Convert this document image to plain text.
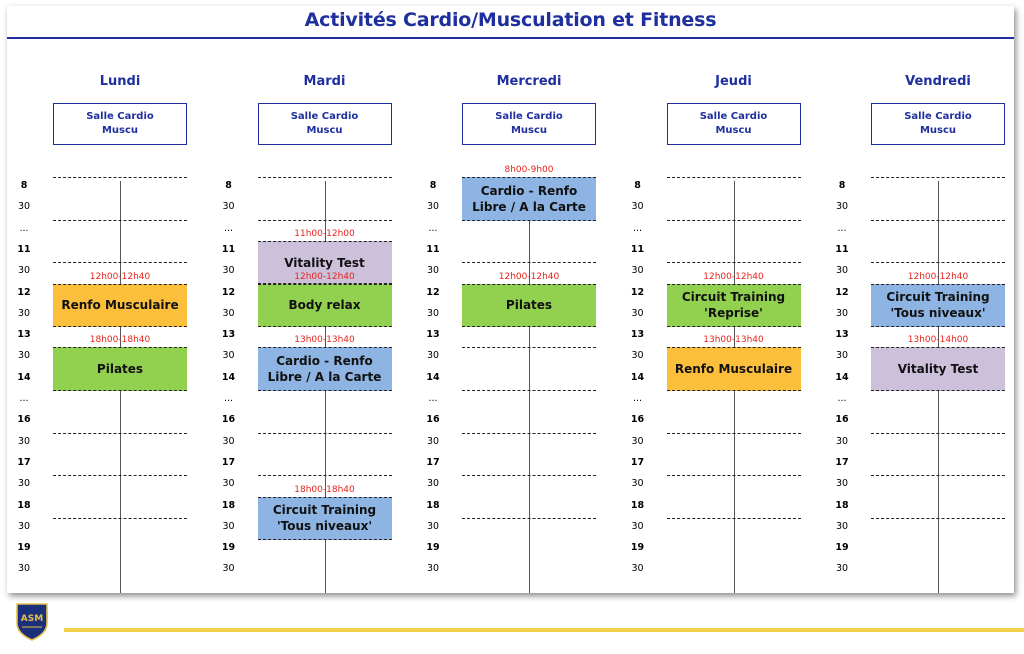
Activités Cardio/Musculation et Fitness
Lundi
Salle Cardio
Muscu
8
30
...
11
30
12
30
13
30
14
...
16
30
17
30
18
30
19
30
Mardi
Salle Cardio
Muscu
8
30
...
11
30
12
30
13
30
14
...
16
30
17
30
18
30
19
30
Mercredi
Salle Cardio
Muscu
8
30
...
11
30
12
30
13
30
14
...
16
30
17
30
18
30
19
30
Jeudi
Salle Cardio
Muscu
8
30
...
11
30
12
30
13
30
14
...
16
30
17
30
18
30
19
30
Vendredi
Salle Cardio
Muscu
8
30
...
11
30
12
30
13
30
14
...
16
30
17
30
18
30
19
30
12h00-12h40
Renfo Musculaire
18h00-18h40
Pilates
11h00-12h00
Vitality Test
12h00-12h40
Body relax
13h00-13h40
Cardio - Renfo
Libre / A la Carte
18h00-18h40
Circuit Training
'Tous niveaux'
8h00-9h00
Cardio - Renfo
Libre / A la Carte
12h00-12h40
Pilates
12h00-12h40
Circuit Training
'Reprise'
13h00-13h40
Renfo Musculaire
12h00-12h40
Circuit Training
'Tous niveaux'
13h00-14h00
Vitality Test
ASM
